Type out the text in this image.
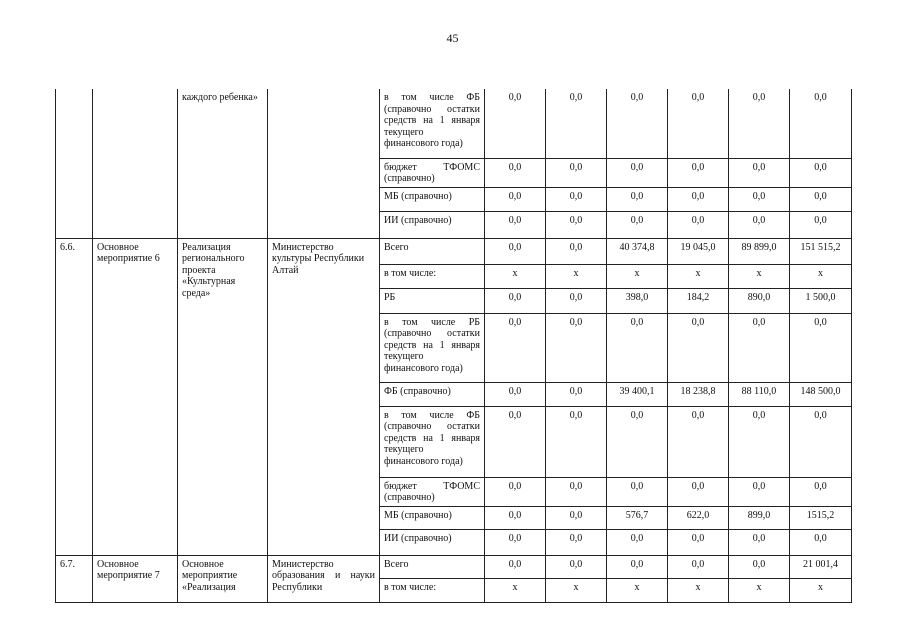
45
		каждого ребенка»		в том числе ФБ (справочно остатки средств на 1 января текущего финансового года)	0,0	0,0	0,0	0,0	0,0	0,0
				бюджет ТФОМС (справочно)	0,0	0,0	0,0	0,0	0,0	0,0
				МБ (справочно)	0,0	0,0	0,0	0,0	0,0	0,0
				ИИ (справочно)	0,0	0,0	0,0	0,0	0,0	0,0
6.6.	Основное мероприятие 6	Реализация регионального проекта «Культурная среда»	Министерство культуры Республики Алтай	Всего	0,0	0,0	40 374,8	19 045,0	89 899,0	151 515,2
				в том числе:	x	x	x	x	x	x
				РБ	0,0	0,0	398,0	184,2	890,0	1 500,0
				в том числе РБ (справочно остатки средств на 1 января текущего финансового года)	0,0	0,0	0,0	0,0	0,0	0,0
				ФБ (справочно)	0,0	0,0	39 400,1	18 238,8	88 110,0	148 500,0
				в том числе ФБ (справочно остатки средств на 1 января текущего финансового года)	0,0	0,0	0,0	0,0	0,0	0,0
				бюджет ТФОМС (справочно)	0,0	0,0	0,0	0,0	0,0	0,0
				МБ (справочно)	0,0	0,0	576,7	622,0	899,0	1515,2
				ИИ (справочно)	0,0	0,0	0,0	0,0	0,0	0,0
6.7.	Основное мероприятие 7	Основное мероприятие «Реализация	Министерство образования и науки Республики	Всего	0,0	0,0	0,0	0,0	0,0	21 001,4
				в том числе:	x	x	x	x	x	x
